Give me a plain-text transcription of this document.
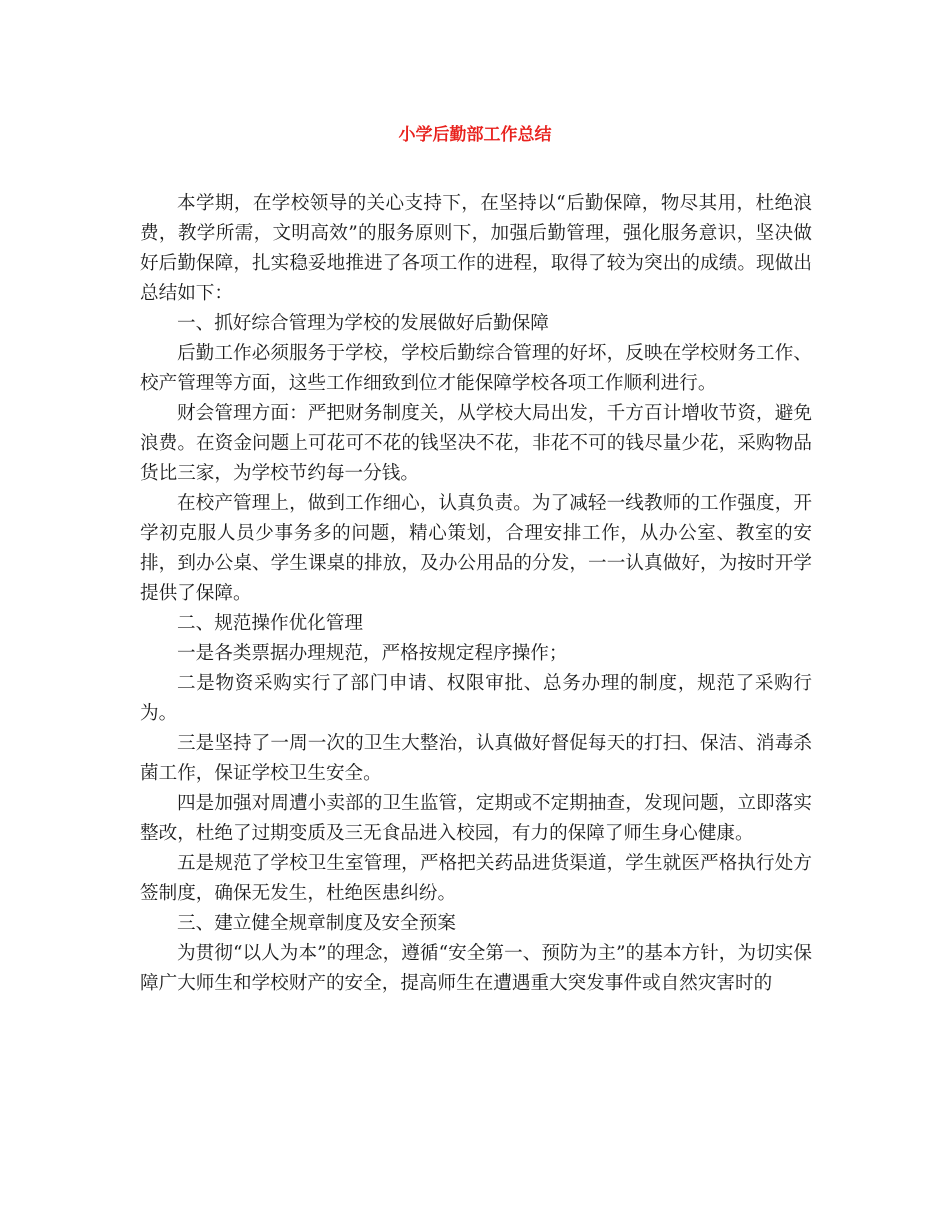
小学后勤部工作总结

本学期，在学校领导的关心支持下，在坚持以“后勤保障，物尽其用，杜绝浪费，教学所需，文明高效”的服务原则下，加强后勤管理，强化服务意识，坚决做好后勤保障，扎实稳妥地推进了各项工作的进程，取得了较为突出的成绩。现做出总结如下：

一、抓好综合管理为学校的发展做好后勤保障

后勤工作必须服务于学校，学校后勤综合管理的好坏，反映在学校财务工作、校产管理等方面，这些工作细致到位才能保障学校各项工作顺利进行。

财会管理方面：严把财务制度关，从学校大局出发，千方百计增收节资，避免浪费。在资金问题上可花可不花的钱坚决不花，非花不可的钱尽量少花，采购物品货比三家，为学校节约每一分钱。

在校产管理上，做到工作细心，认真负责。为了减轻一线教师的工作强度，开学初克服人员少事务多的问题，精心策划，合理安排工作，从办公室、教室的安排，到办公桌、学生课桌的排放，及办公用品的分发，一一认真做好，为按时开学提供了保障。

二、规范操作优化管理

一是各类票据办理规范，严格按规定程序操作；

二是物资采购实行了部门申请、权限审批、总务办理的制度，规范了采购行为。

三是坚持了一周一次的卫生大整治，认真做好督促每天的打扫、保洁、消毒杀菌工作，保证学校卫生安全。

四是加强对周遭小卖部的卫生监管，定期或不定期抽查，发现问题，立即落实整改，杜绝了过期变质及三无食品进入校园，有力的保障了师生身心健康。

五是规范了学校卫生室管理，严格把关药品进货渠道，学生就医严格执行处方签制度，确保无发生，杜绝医患纠纷。

三、建立健全规章制度及安全预案

为贯彻“以人为本”的理念，遵循“安全第一、预防为主”的基本方针，为切实保障广大师生和学校财产的安全，提高师生在遭遇重大突发事件或自然灾害时的
